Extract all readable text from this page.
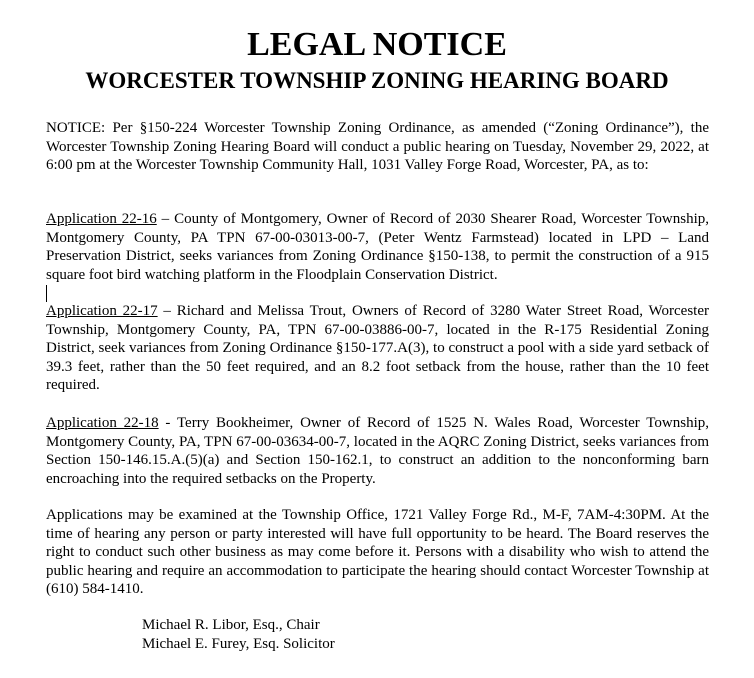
LEGAL NOTICE
WORCESTER TOWNSHIP ZONING HEARING BOARD

NOTICE: Per §150-224 Worcester Township Zoning Ordinance, as amended (“Zoning Ordinance”), the Worcester Township Zoning Hearing Board will conduct a public hearing on Tuesday, November 29, 2022, at 6:00 pm at the Worcester Township Community Hall, 1031 Valley Forge Road, Worcester, PA, as to:

Application 22-16 – County of Montgomery, Owner of Record of 2030 Shearer Road, Worcester Township, Montgomery County, PA TPN 67-00-03013-00-7, (Peter Wentz Farmstead) located in LPD – Land Preservation District, seeks variances from Zoning Ordinance §150-138, to permit the construction of a 915 square foot bird watching platform in the Floodplain Conservation District.

Application 22-17 – Richard and Melissa Trout, Owners of Record of 3280 Water Street Road, Worcester Township, Montgomery County, PA, TPN 67-00-03886-00-7, located in the R-175 Residential Zoning District, seek variances from Zoning Ordinance §150-177.A(3), to construct a pool with a side yard setback of 39.3 feet, rather than the 50 feet required, and an 8.2 foot setback from the house, rather than the 10 feet required.

Application 22-18 - Terry Bookheimer, Owner of Record of 1525 N. Wales Road, Worcester Township, Montgomery County, PA, TPN 67-00-03634-00-7, located in the AQRC Zoning District, seeks variances from Section 150-146.15.A.(5)(a) and Section 150-162.1, to construct an addition to the nonconforming barn encroaching into the required setbacks on the Property.

Applications may be examined at the Township Office, 1721 Valley Forge Rd., M-F, 7AM-4:30PM. At the time of hearing any person or party interested will have full opportunity to be heard. The Board reserves the right to conduct such other business as may come before it. Persons with a disability who wish to attend the public hearing and require an accommodation to participate the hearing should contact Worcester Township at (610) 584-1410.

Michael R. Libor, Esq., Chair

Michael E. Furey, Esq. Solicitor
